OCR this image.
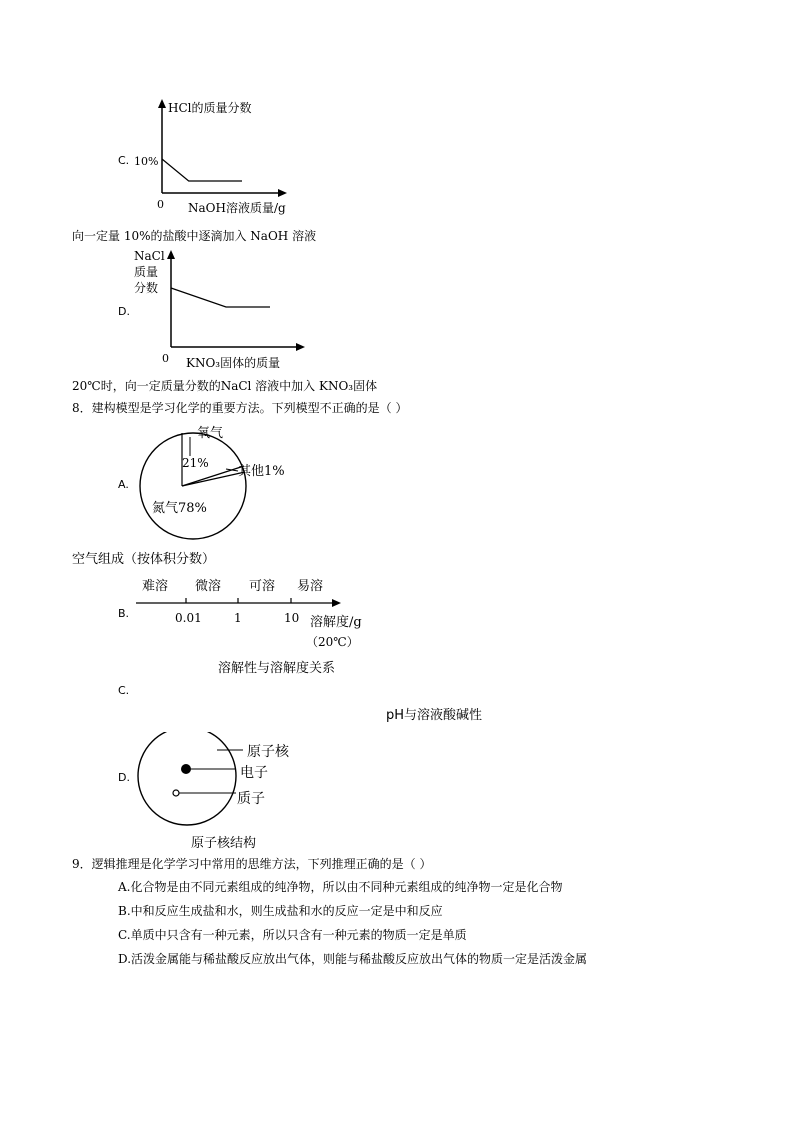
C.
HCl的质量分数
10%
0 NaOH溶液质量/g
向一定量 10%的盐酸中逐滴加入 NaOH 溶液
D.
NaCl
质量
分数
0 KNO₃固体的质量
20℃时，向一定质量分数的NaCl 溶液中加入 KNO₃固体
8．建构模型是学习化学的重要方法。下列模型不正确的是（ ）
A.
氧气
21%
其他1%
氮气78%
空气组成（按体积分数）
B.
难溶 微溶 可溶 易溶
0.01	1	10 溶解度/g
（20℃）
溶解性与溶解度关系
C.
pH与溶液酸碱性
D.
原子核
电子
质子
原子核结构
9．逻辑推理是化学学习中常用的思维方法，下列推理正确的是（ ）
A.化合物是由不同元素组成的纯净物，所以由不同种元素组成的纯净物一定是化合物
B.中和反应生成盐和水，则生成盐和水的反应一定是中和反应
C.单质中只含有一种元素，所以只含有一种元素的物质一定是单质
D.活泼金属能与稀盐酸反应放出气体，则能与稀盐酸反应放出气体的物质一定是活泼金属
